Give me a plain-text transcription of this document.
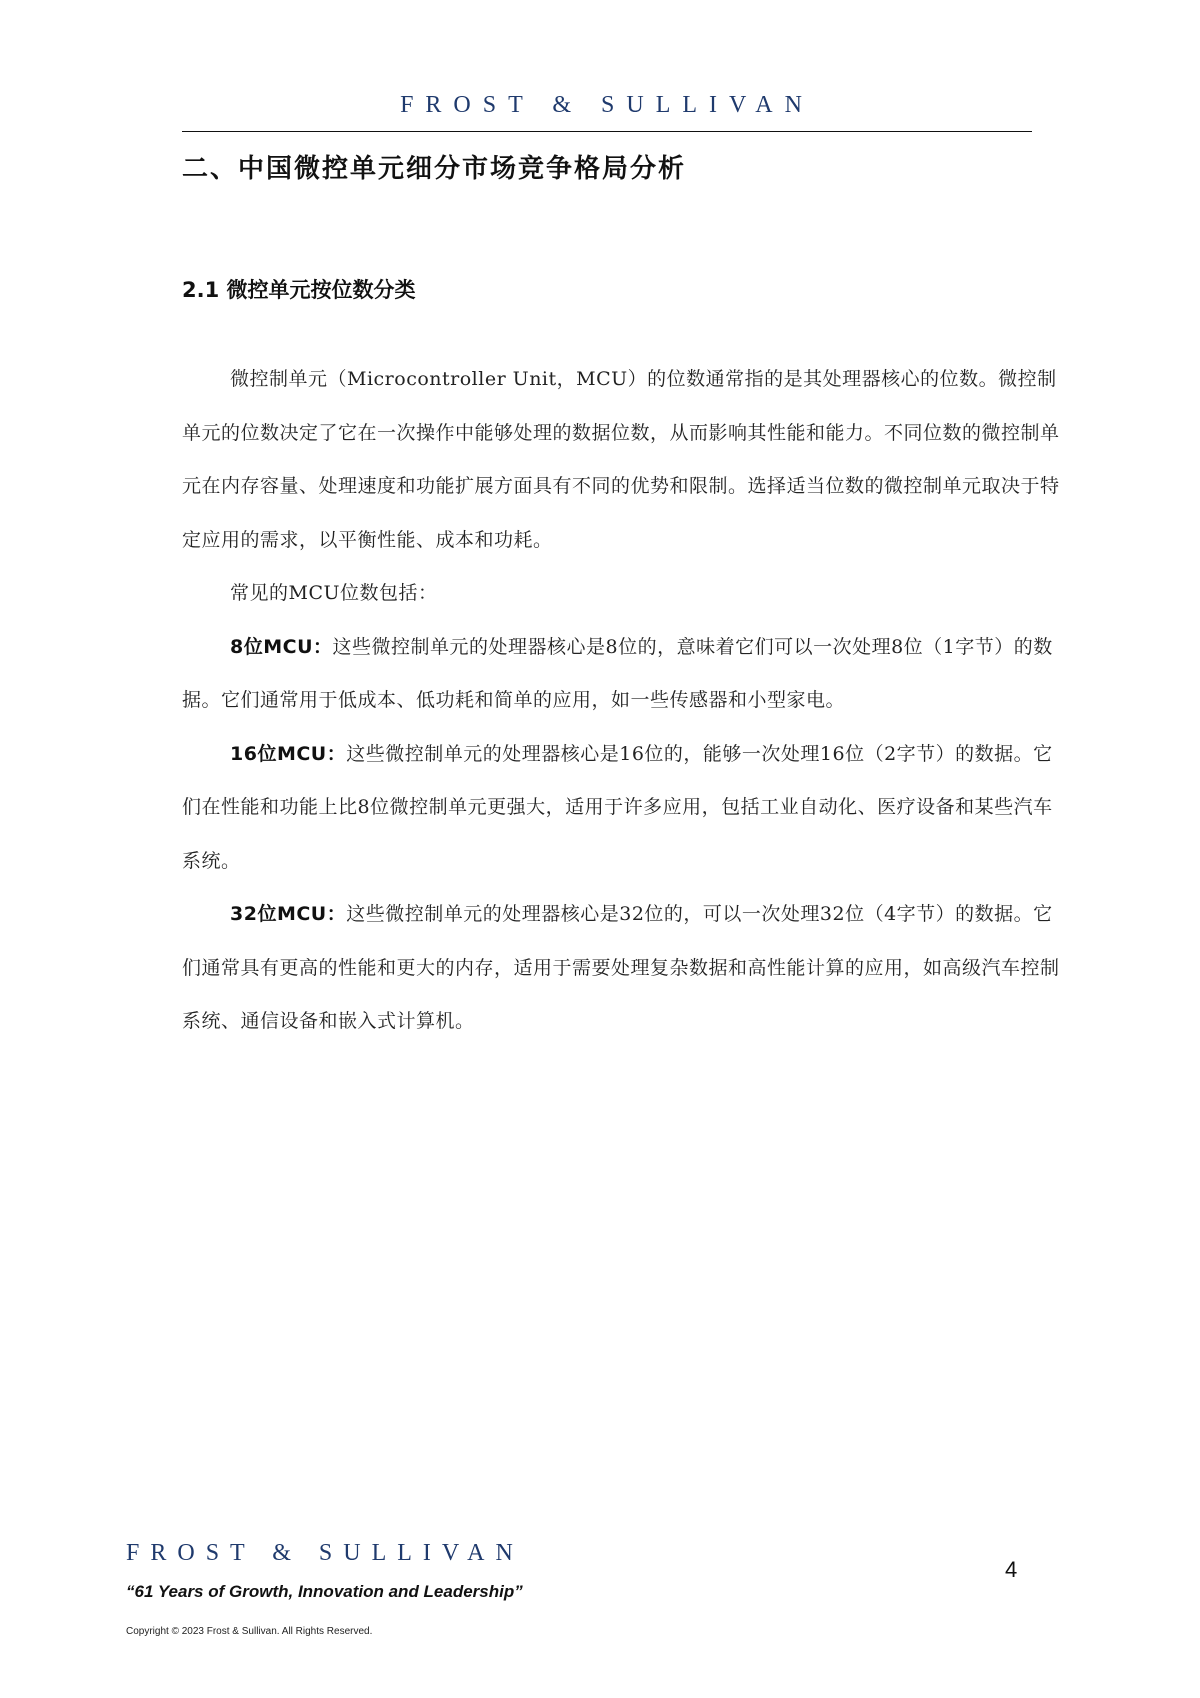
FROST & SULLIVAN
二、中国微控单元细分市场竞争格局分析
2.1 微控单元按位数分类

微控制单元（Microcontroller Unit，MCU）的位数通常指的是其处理器核心的位数。微控制单元的位数决定了它在一次操作中能够处理的数据位数，从而影响其性能和能力。不同位数的微控制单元在内存容量、处理速度和功能扩展方面具有不同的优势和限制。选择适当位数的微控制单元取决于特定应用的需求，以平衡性能、成本和功耗。

常见的MCU位数包括：

8位MCU：这些微控制单元的处理器核心是8位的，意味着它们可以一次处理8位（1字节）的数据。它们通常用于低成本、低功耗和简单的应用，如一些传感器和小型家电。

16位MCU：这些微控制单元的处理器核心是16位的，能够一次处理16位（2字节）的数据。它们在性能和功能上比8位微控制单元更强大，适用于许多应用，包括工业自动化、医疗设备和某些汽车系统。

32位MCU：这些微控制单元的处理器核心是32位的，可以一次处理32位（4字节）的数据。它们通常具有更高的性能和更大的内存，适用于需要处理复杂数据和高性能计算的应用，如高级汽车控制系统、通信设备和嵌入式计算机。

FROST & SULLIVAN
“61 Years of Growth, Innovation and Leadership”
Copyright © 2023 Frost & Sullivan. All Rights Reserved.
4
